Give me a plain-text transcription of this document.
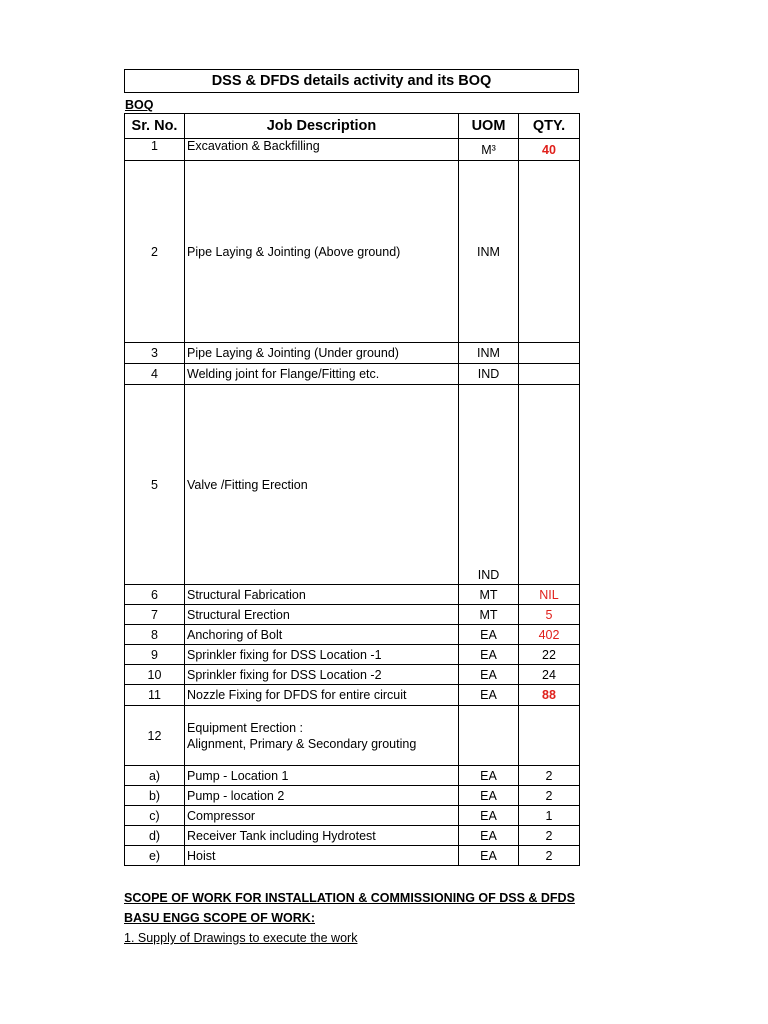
DSS & DFDS details activity and its BOQ
BOQ
Sr. No.	Job Description	UOM	QTY.
1	Excavation & Backfilling	M³	40
2	Pipe Laying & Jointing (Above ground)	INM	
3	Pipe Laying & Jointing (Under ground)	INM	
4	Welding joint for Flange/Fitting etc.	IND	
5	Valve /Fitting Erection	IND	
6	Structural Fabrication	MT	NIL
7	Structural Erection	MT	5
8	Anchoring of Bolt	EA	402
9	Sprinkler fixing for DSS Location -1	EA	22
10	Sprinkler fixing for DSS Location -2	EA	24
11	Nozzle Fixing for DFDS for entire circuit	EA	88
12	Equipment Erection :
Alignment, Primary & Secondary grouting		

a)	Pump - Location 1	EA	2
b)	Pump - location 2	EA	2
c)	Compressor	EA	1
d)	Receiver Tank including Hydrotest	EA	2
e)	Hoist	EA	2
SCOPE OF WORK FOR INSTALLATION & COMMISSIONING OF DSS & DFDS
BASU ENGG SCOPE OF WORK:
1. Supply of Drawings to execute the work
